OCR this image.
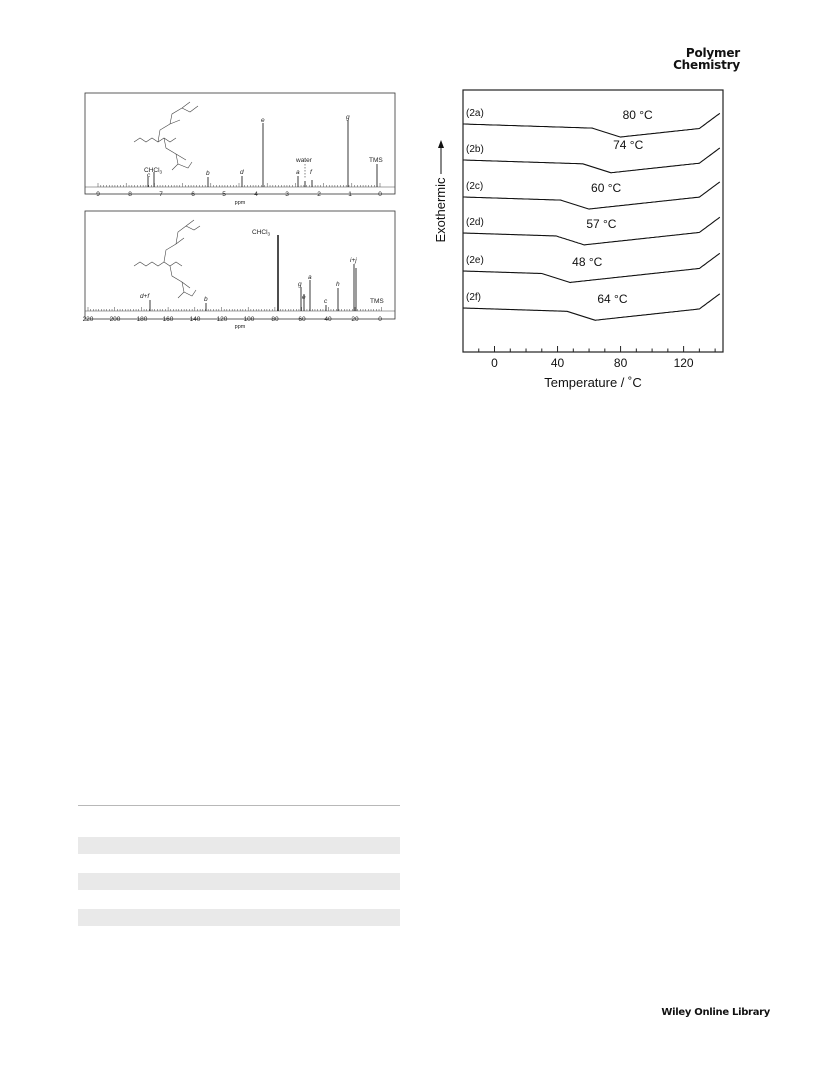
Polymer
Chemistry
CHCl$_3$
c	b	d
e
water
a f
g
TMS
9	8	7	6	5	4	3	2	1	0
ppm
CHCl$_3$
d+f	b
g
e
a
c
h
i+j
TMS
220 200 180 160 140 120 100	80	60	40	20	0
ppm
0	40	80	120
(2a)	80 °C
(2b)	74 °C
(2c)	60 °C
(2d)	57 °C
(2e)	48 °C
(2f)	64 °C
Exothermic
Temperature / ˚C
Wiley Online Library
